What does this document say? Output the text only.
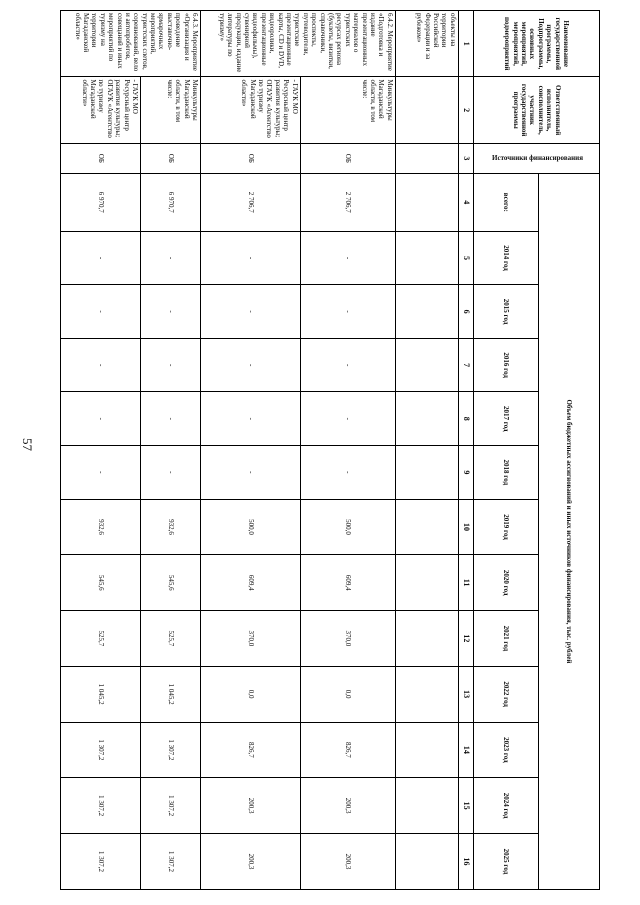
57
Наименование государственной программы, Подпрограммы, основных мероприятий, мероприятий, подмероприятий	Ответственный исполнитель, соисполнитель, участник государственной программы	Источники финансирования	Объем бюджетных ассигнований и иных источников финансирования, тыс. рублей												
			всего:	2014 год	2015 год	2016 год	2017 год	2018 год	2019 год	2020 год	2021 год	2022 год	2023 год	2024 год	2025 год
1	2	3	4	5	6	7	8	9	10	11	12	13	14	15	16
объекты на территории Российской Федерации и за рубежом»															
6.4.2. Мероприятие «Подготовка и издание презентационных материалов о туристских ресурсах региона (буклеты, визитки, справочники, проспекты, путеводители, туристские презентационные карты, CD и DVD, видеоролики, презентационные видеофильмы), сувенирной продукции, издание литературы по туризму»	Минкультуры Магаданской области, в том числе:	ОБ	2 706,7	-	-	-	-	-	500,0	609,4	370,0	0,0	826,7	200,3	200,3
	- ГАУК МО Ресурсный центр развития культуры; ОГАУК «Агентство по туризму Магаданской области»	ОБ	2 706,7	-	-	-	-	-	500,0	609,4	370,0	0,0	826,7	200,3	200,3
6.4.3. Мероприятие «Организация и проведение выставочно-ярмарочных мероприятий, туристских слетов, соревнований, вело и автопробегов, совещаний и иных мероприятий по туризму на территории Магаданской области»	Минкультуры Магаданской области, в том числе:	ОБ	6 970,7	-	-	-	-	-	932,6	545,6	525,7	1 045,2	1 307,2	1 307,2	1 307,2
	- ГАУК МО Ресурсный центр развития культуры; ОГАУК «Агентство по туризму Магаданской области»	ОБ	6 970,7	-	-	-	-	-	932,6	545,6	525,7	1 045,2	1 307,2	1 307,2	1 307,2
